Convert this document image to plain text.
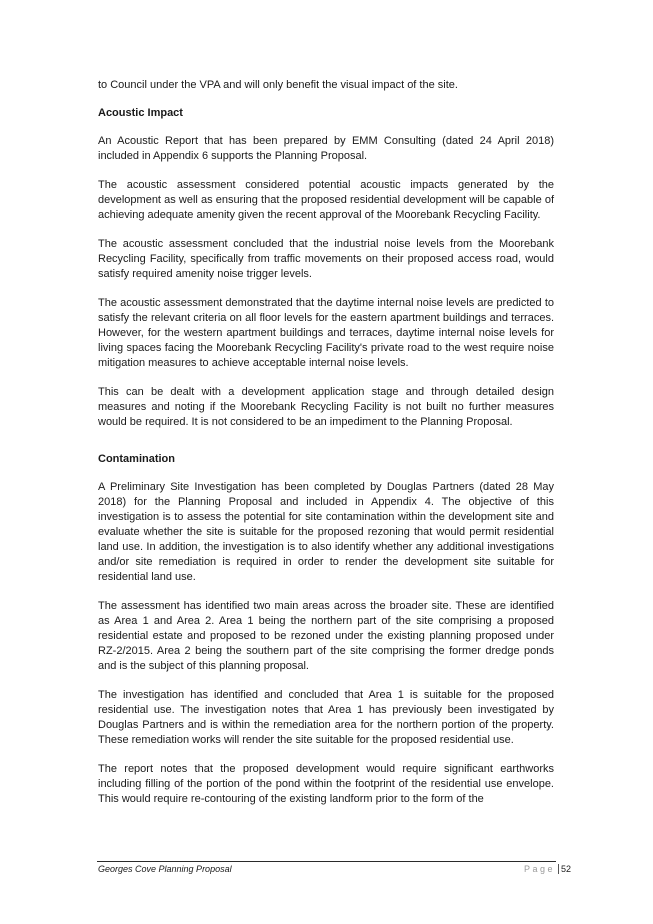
to Council under the VPA and will only benefit the visual impact of the site.

Acoustic Impact

An Acoustic Report that has been prepared by EMM Consulting (dated 24 April 2018) included in Appendix 6 supports the Planning Proposal.

The acoustic assessment considered potential acoustic impacts generated by the development as well as ensuring that the proposed residential development will be capable of achieving adequate amenity given the recent approval of the Moorebank Recycling Facility.

The acoustic assessment concluded that the industrial noise levels from the Moorebank Recycling Facility, specifically from traffic movements on their proposed access road, would satisfy required amenity noise trigger levels.

The acoustic assessment demonstrated that the daytime internal noise levels are predicted to satisfy the relevant criteria on all floor levels for the eastern apartment buildings and terraces. However, for the western apartment buildings and terraces, daytime internal noise levels for living spaces facing the Moorebank Recycling Facility's private road to the west require noise mitigation measures to achieve acceptable internal noise levels.

This can be dealt with a development application stage and through detailed design measures and noting if the Moorebank Recycling Facility is not built no further measures would be required. It is not considered to be an impediment to the Planning Proposal.

Contamination

A Preliminary Site Investigation has been completed by Douglas Partners (dated 28 May 2018) for the Planning Proposal and included in Appendix 4. The objective of this investigation is to assess the potential for site contamination within the development site and evaluate whether the site is suitable for the proposed rezoning that would permit residential land use. In addition, the investigation is to also identify whether any additional investigations and/or site remediation is required in order to render the development site suitable for residential land use.

The assessment has identified two main areas across the broader site. These are identified as Area 1 and Area 2. Area 1 being the northern part of the site comprising a proposed residential estate and proposed to be rezoned under the existing planning proposed under RZ-2/2015. Area 2 being the southern part of the site comprising the former dredge ponds and is the subject of this planning proposal.

The investigation has identified and concluded that Area 1 is suitable for the proposed residential use. The investigation notes that Area 1 has previously been investigated by Douglas Partners and is within the remediation area for the northern portion of the property. These remediation works will render the site suitable for the proposed residential use.

The report notes that the proposed development would require significant earthworks including filling of the portion of the pond within the footprint of the residential use envelope. This would require re-contouring of the existing landform prior to the form of the

Georges Cove Planning Proposal	Page 52
